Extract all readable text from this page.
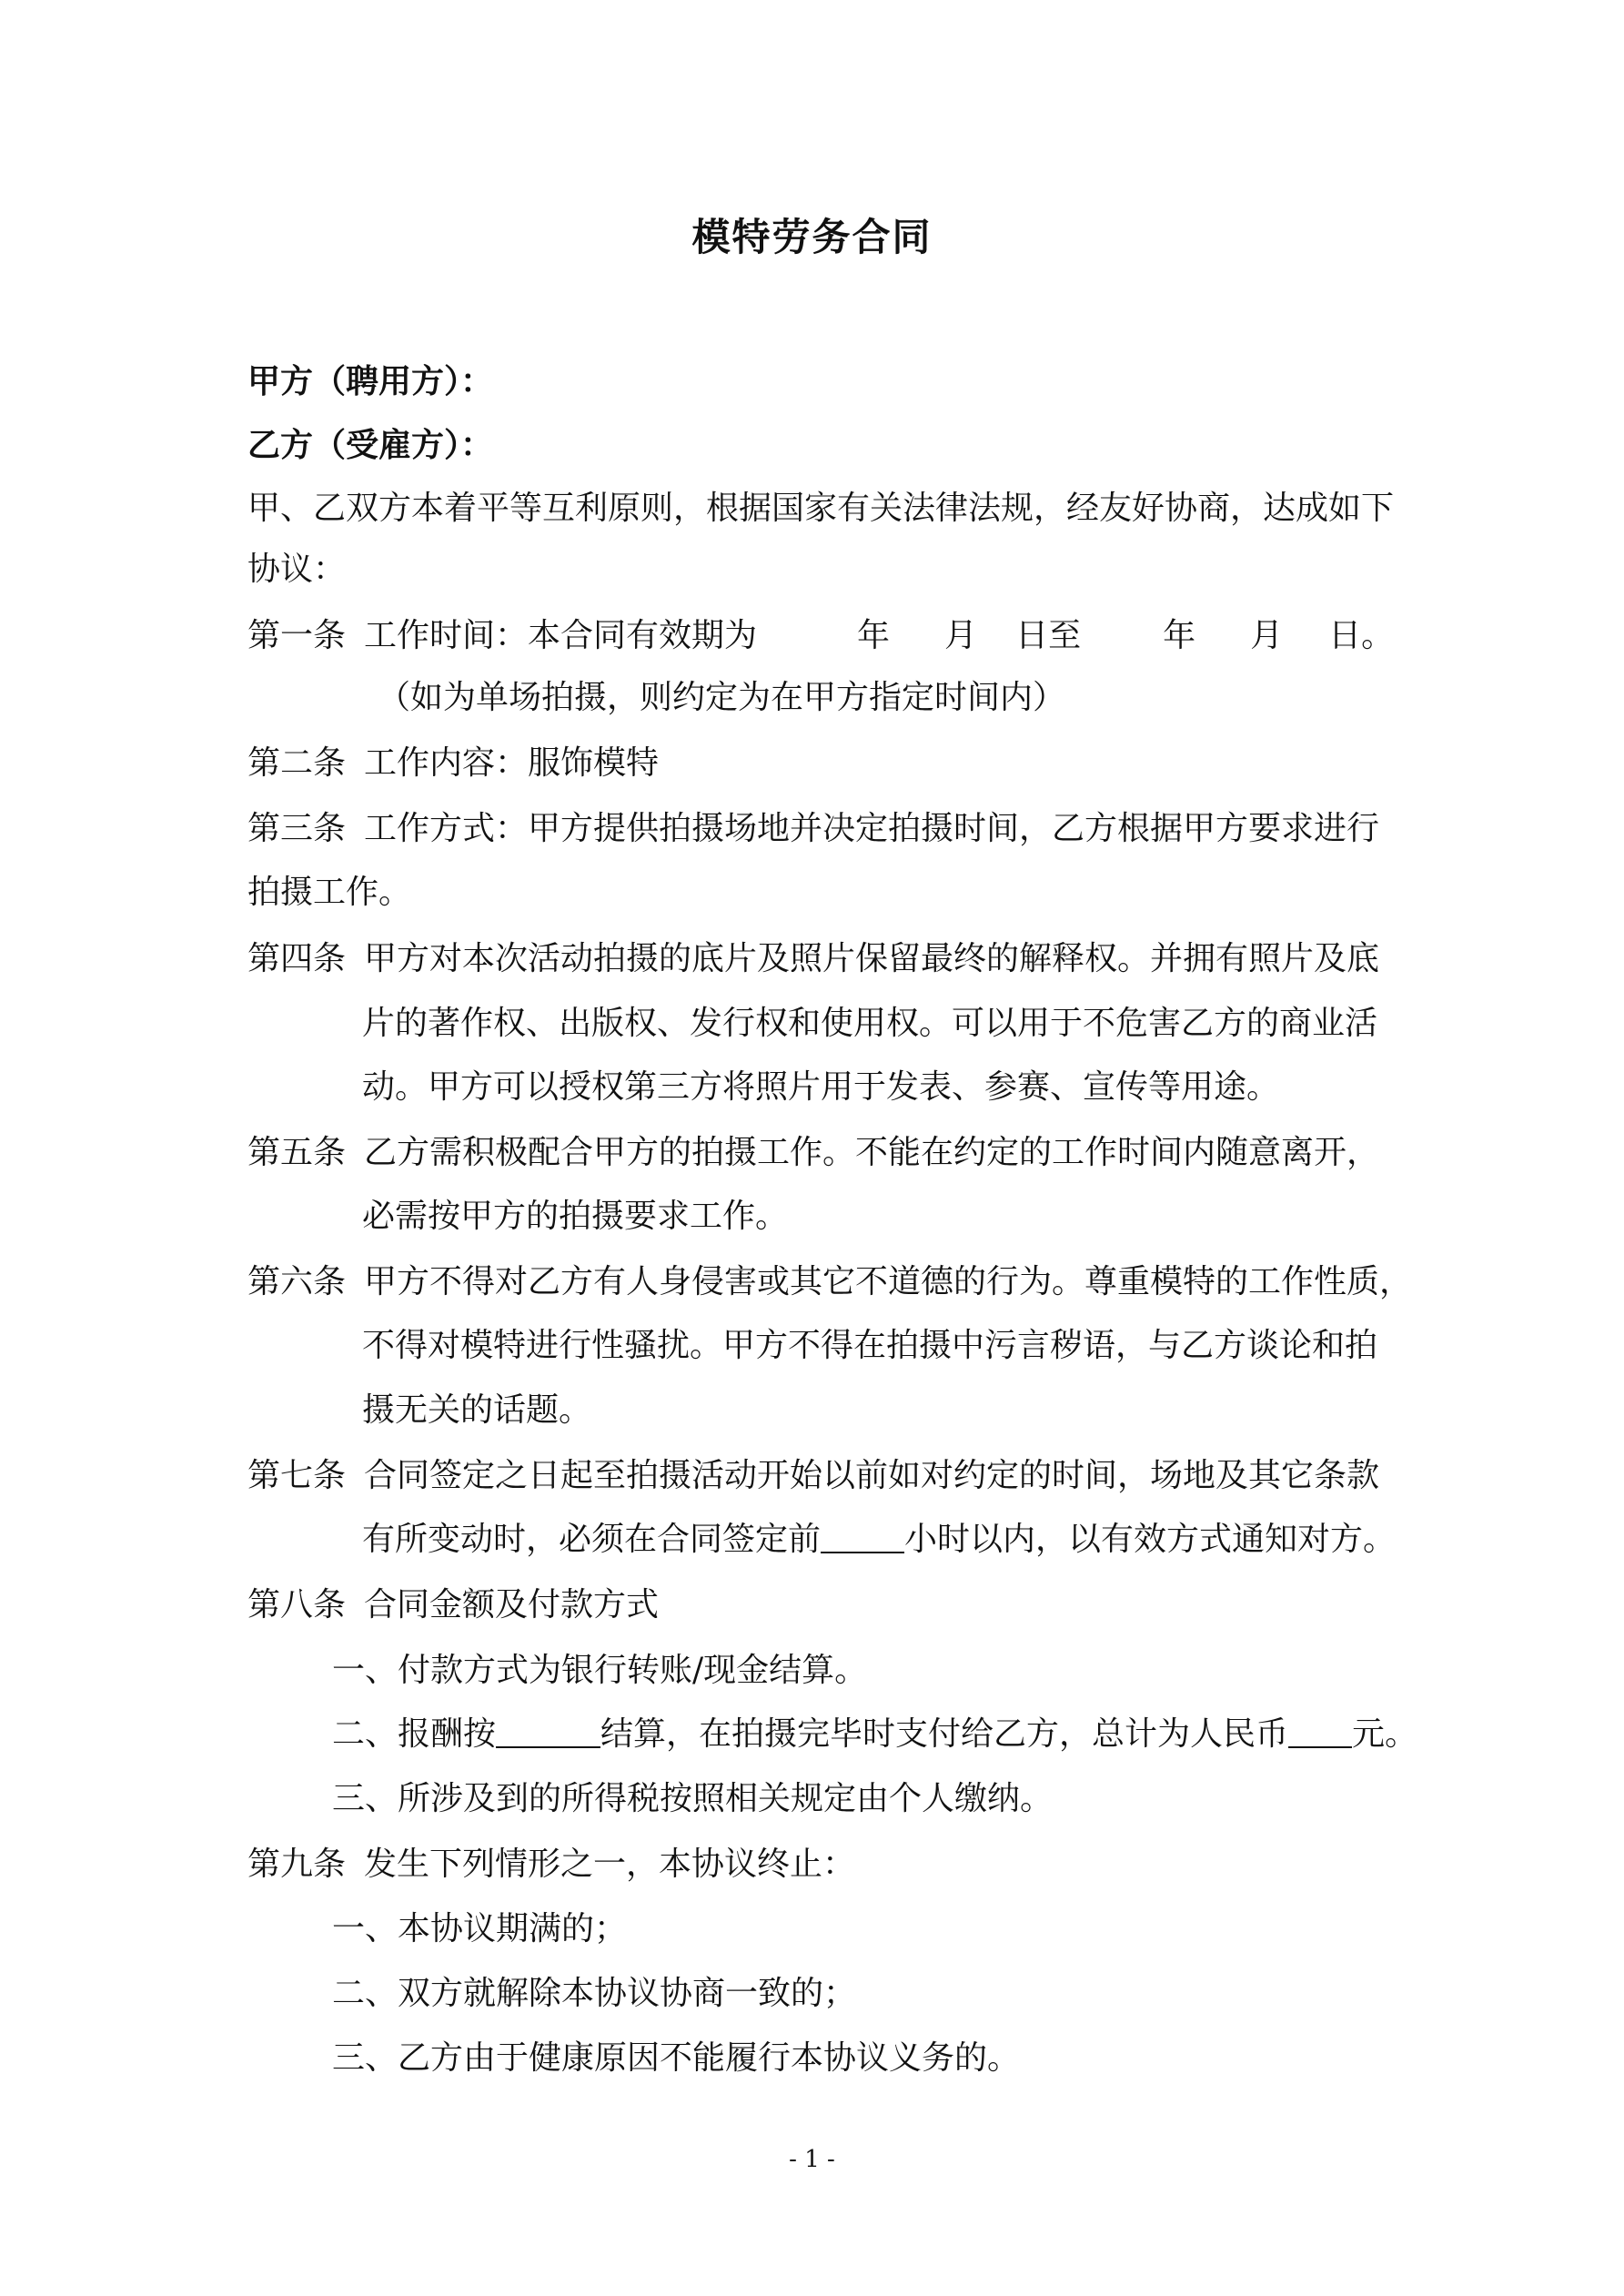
模特劳务合同
甲方（聘用方）：
乙方（受雇方）：
甲、乙双方本着平等互利原则，根据国家有关法律法规，经友好协商，达成如下
协议：
第一条 工作时间：本合同有效期为	年 月 日至	年 月 日。
（如为单场拍摄，则约定为在甲方指定时间内）
第二条 工作内容：服饰模特
第三条 工作方式：甲方提供拍摄场地并决定拍摄时间，乙方根据甲方要求进行
拍摄工作。
第四条 甲方对本次活动拍摄的底片及照片保留最终的解释权。并拥有照片及底
片的著作权、出版权、发行权和使用权。可以用于不危害乙方的商业活
动。甲方可以授权第三方将照片用于发表、参赛、宣传等用途。
第五条 乙方需积极配合甲方的拍摄工作。不能在约定的工作时间内随意离开，
必需按甲方的拍摄要求工作。
第六条 甲方不得对乙方有人身侵害或其它不道德的行为。尊重模特的工作性质，
不得对模特进行性骚扰。甲方不得在拍摄中污言秽语，与乙方谈论和拍
摄无关的话题。
第七条 合同签定之日起至拍摄活动开始以前如对约定的时间，场地及其它条款
有所变动时，必须在合同签定前	小时以内，以有效方式通知对方。
第八条 合同金额及付款方式
一、付款方式为银行转账/现金结算。
二、报酬按	结算，在拍摄完毕时支付给乙方，总计为人民币 元。
三、所涉及到的所得税按照相关规定由个人缴纳。
第九条 发生下列情形之一，本协议终止：
一、本协议期满的；
二、双方就解除本协议协商一致的；
三、乙方由于健康原因不能履行本协议义务的。
- 1 -
